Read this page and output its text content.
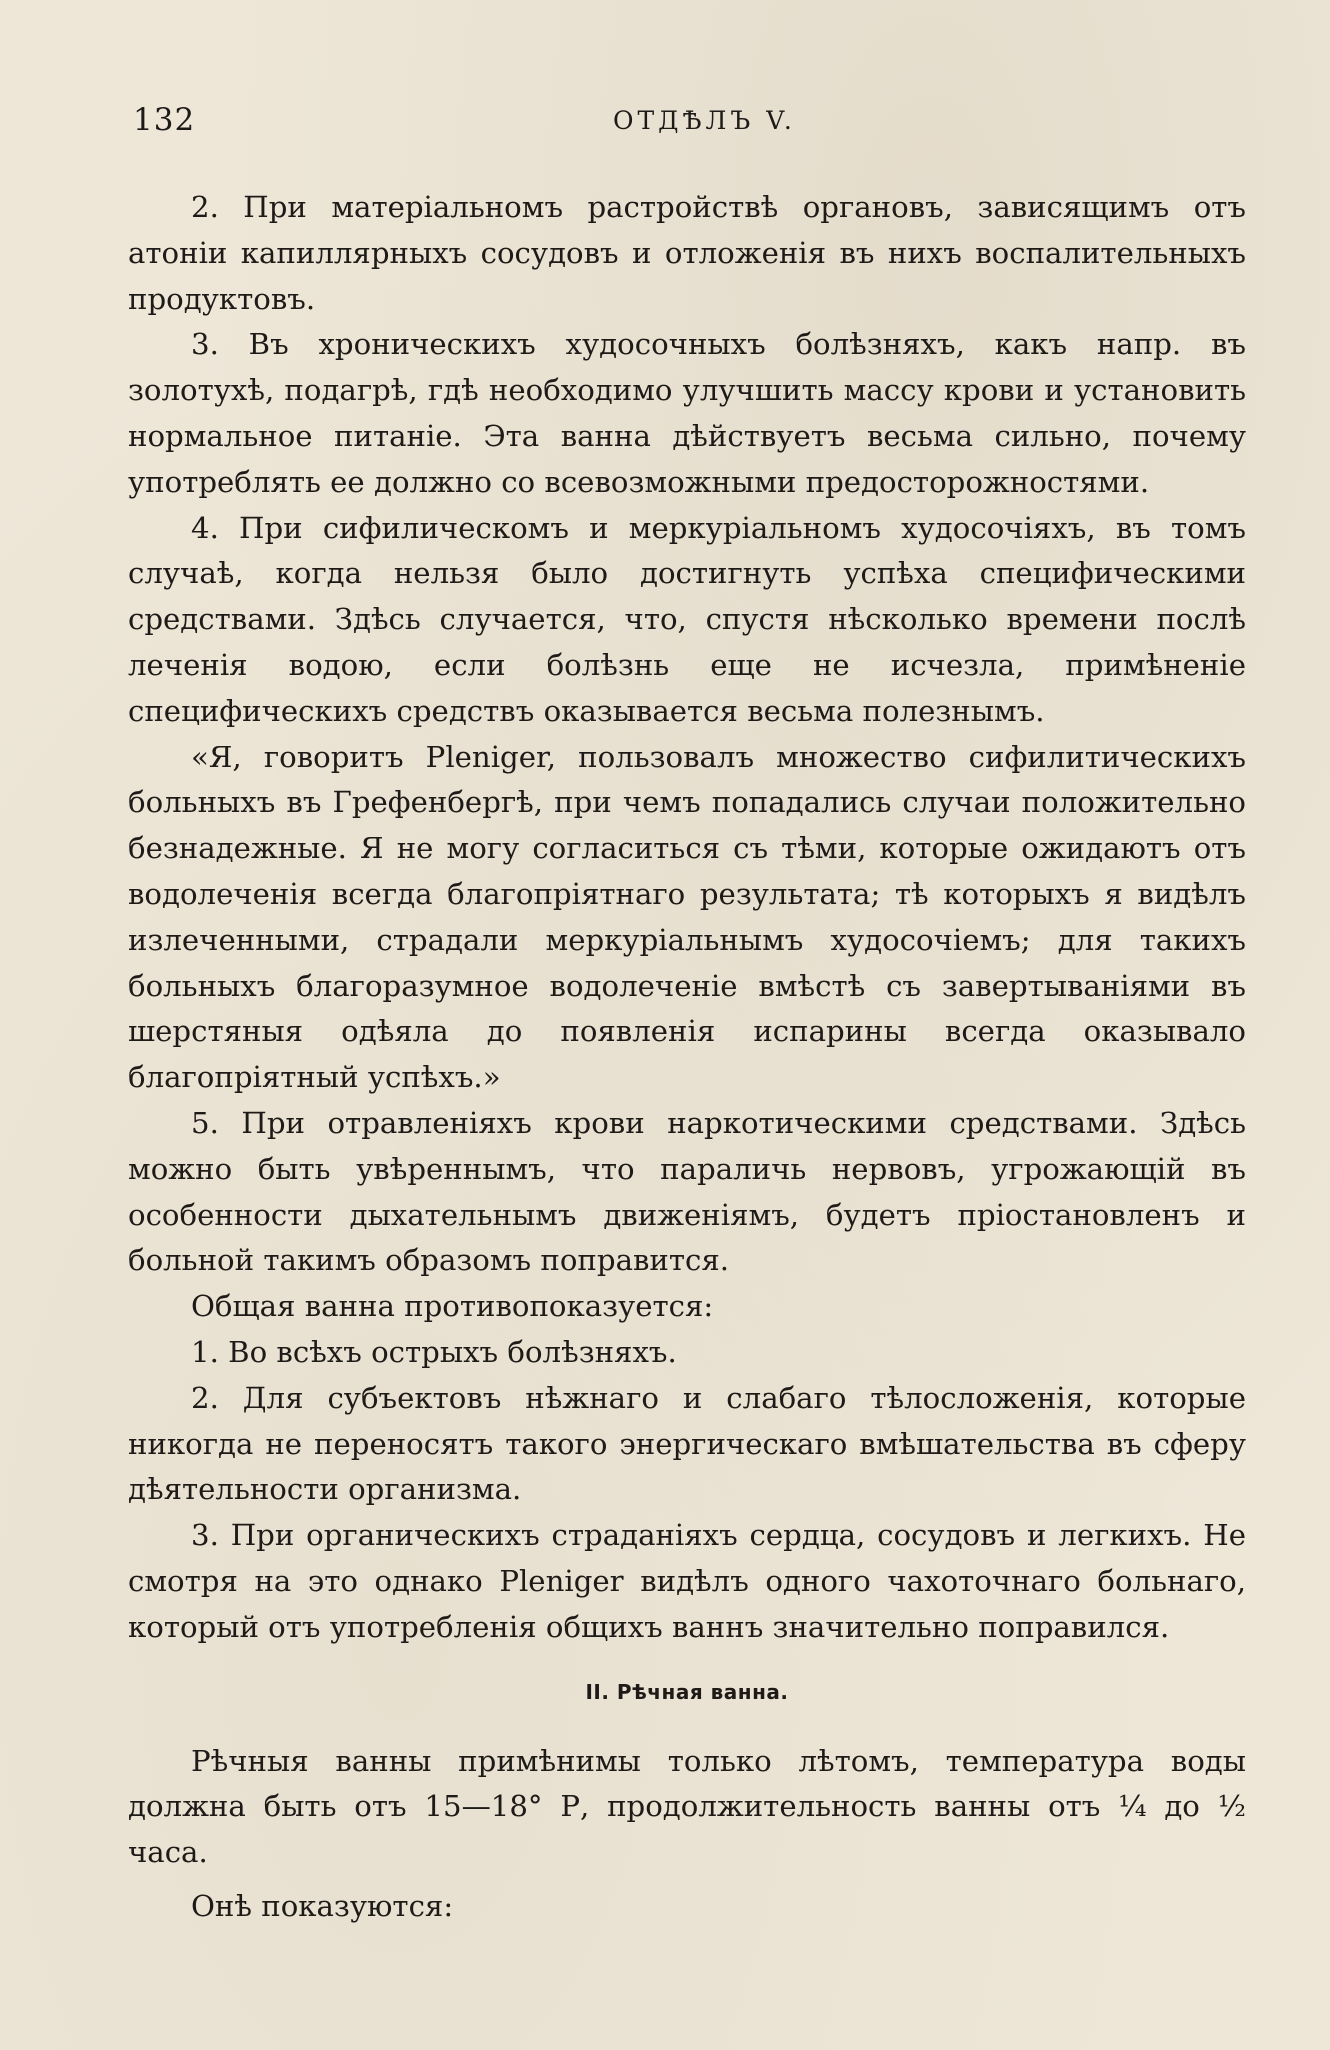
132	ОТДѢЛЪ V.

2. При матеріальномъ растройствѣ органовъ, зависящимъ отъ атоніи капиллярныхъ сосудовъ и отложенія въ нихъ воспалительныхъ продуктовъ.

3. Въ хроническихъ худосочныхъ болѣзняхъ, какъ напр. въ золотухѣ, подагрѣ, гдѣ необходимо улучшить массу крови и установить нормальное питаніе. Эта ванна дѣйствуетъ весьма сильно, почему употреблять ее должно со всевозможными предосторожностями.

4. При сифилическомъ и меркуріальномъ худосочіяхъ, въ томъ случаѣ, когда нельзя было достигнуть успѣха специфическими средствами. Здѣсь случается, что, спустя нѣсколько времени послѣ леченія водою, если болѣзнь еще не исчезла, примѣненіе специфическихъ средствъ оказывается весьма полезнымъ.

«Я, говоритъ Pleniger, пользовалъ множество сифилитическихъ больныхъ въ Грефенбергѣ, при чемъ попадались случаи положительно безнадежные. Я не могу согласиться съ тѣми, которые ожидаютъ отъ водолеченія всегда благопріятнаго результата; тѣ которыхъ я видѣлъ излеченными, страдали меркуріальнымъ худосочіемъ; для такихъ больныхъ благоразумное водолеченіе вмѣстѣ съ завертываніями въ шерстяныя одѣяла до появленія испарины всегда оказывало благопріятный успѣхъ.»

5. При отравленіяхъ крови наркотическими средствами. Здѣсь можно быть увѣреннымъ, что параличь нервовъ, угрожающій въ особенности дыхательнымъ движеніямъ, будетъ пріостановленъ и больной такимъ образомъ поправится.

Общая ванна противопоказуется:

1. Во всѣхъ острыхъ болѣзняхъ.

2. Для субъектовъ нѣжнаго и слабаго тѣлосложенія, которые никогда не переносятъ такого энергическаго вмѣшательства въ сферу дѣятельности организма.

3. При органическихъ страданіяхъ сердца, сосудовъ и легкихъ. Не смотря на это однако Pleniger видѣлъ одного чахоточнаго больнаго, который отъ употребленія общихъ ваннъ значительно поправился.

II. Рѣчная ванна.

Рѣчныя ванны примѣнимы только лѣтомъ, температура воды должна быть отъ 15—18° Р, продолжительность ванны отъ ¼ до ½ часа.

Онѣ показуются:
